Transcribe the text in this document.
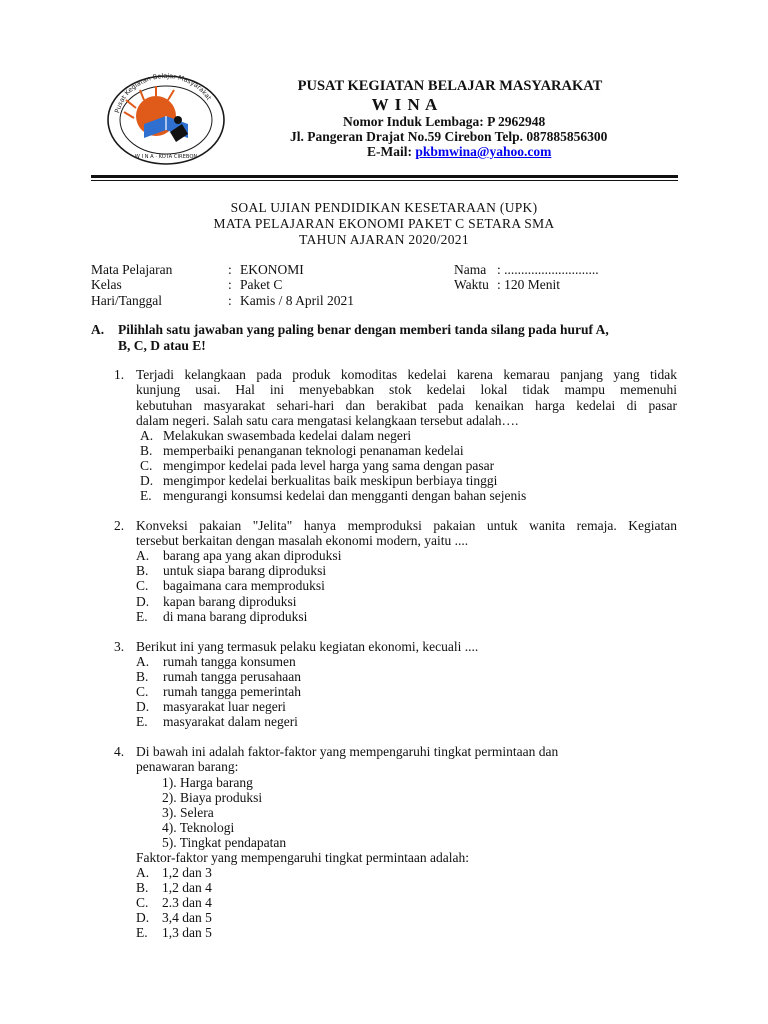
Pusat Kegiatan Belajar Masyarakat
W I N A · KOTA CIREBON
PUSAT KEGIATAN BELAJAR MASYARAKAT
W I N A
Nomor Induk Lembaga: P 2962948
Jl. Pangeran Drajat No.59 Cirebon Telp. 087885856300
E-Mail: pkbmwina@yahoo.com
SOAL UJIAN PENDIDIKAN KESETARAAN (UPK)
MATA PELAJARAN EKONOMI PAKET C SETARA SMA
TAHUN AJARAN 2020/2021
Mata Pelajaran	: EKONOMI	Nama : ............................
Kelas	: Paket C	Waktu : 120 Menit
Hari/Tanggal	: Kamis / 8 April 2021
A. Pilihlah satu jawaban yang paling benar dengan memberi tanda silang pada huruf A,
B, C, D atau E!
1. Terjadi kelangkaan pada produk komoditas kedelai karena kemarau panjang yang tidak
kunjung usai. Hal ini menyebabkan stok kedelai lokal tidak mampu memenuhi
kebutuhan masyarakat sehari-hari dan berakibat pada kenaikan harga kedelai di pasar
dalam negeri. Salah satu cara mengatasi kelangkaan tersebut adalah….
A. Melakukan swasembada kedelai dalam negeri
B. memperbaiki penanganan teknologi penanaman kedelai
C. mengimpor kedelai pada level harga yang sama dengan pasar
D. mengimpor kedelai berkualitas baik meskipun berbiaya tinggi
E. mengurangi konsumsi kedelai dan mengganti dengan bahan sejenis
2. Konveksi pakaian "Jelita" hanya memproduksi pakaian untuk wanita remaja. Kegiatan
tersebut berkaitan dengan masalah ekonomi modern, yaitu ....
A. barang apa yang akan diproduksi
B. untuk siapa barang diproduksi
C. bagaimana cara memproduksi
D. kapan barang diproduksi
E. di mana barang diproduksi
3. Berikut ini yang termasuk pelaku kegiatan ekonomi, kecuali ....
A. rumah tangga konsumen
B. rumah tangga perusahaan
C. rumah tangga pemerintah
D. masyarakat luar negeri
E. masyarakat dalam negeri
4. Di bawah ini adalah faktor-faktor yang mempengaruhi tingkat permintaan dan
penawaran barang:
1). Harga barang
2). Biaya produksi
3). Selera
4). Teknologi
5). Tingkat pendapatan
Faktor-faktor yang mempengaruhi tingkat permintaan adalah:
A. 1,2 dan 3
B. 1,2 dan 4
C. 2.3 dan 4
D. 3,4 dan 5
E. 1,3 dan 5
